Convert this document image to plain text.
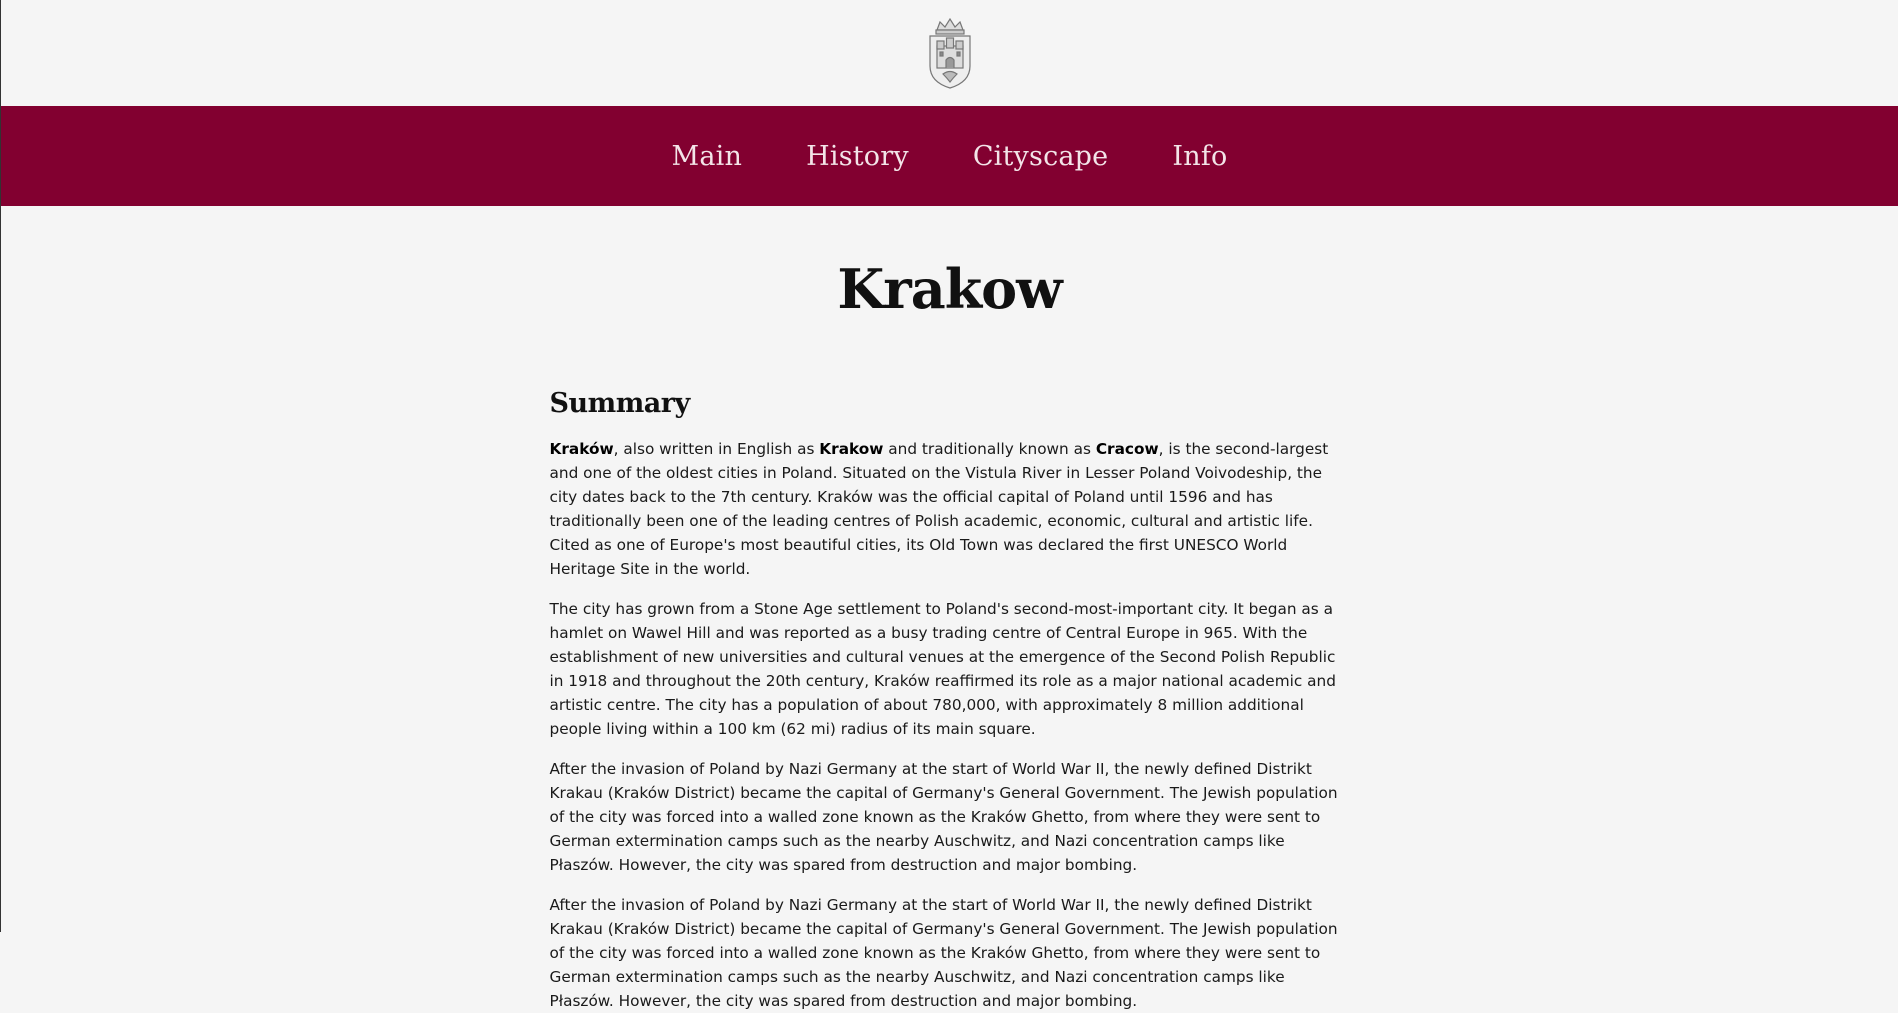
Main History Cityscape Info
Krakow
Summary

Kraków, also written in English as Krakow and traditionally known as Cracow, is the second-largest and one of the oldest cities in Poland. Situated on the Vistula River in Lesser Poland Voivodeship, the city dates back to the 7th century. Kraków was the official capital of Poland until 1596 and has traditionally been one of the leading centres of Polish academic, economic, cultural and artistic life. Cited as one of Europe's most beautiful cities, its Old Town was declared the first UNESCO World Heritage Site in the world.

The city has grown from a Stone Age settlement to Poland's second-most-important city. It began as a hamlet on Wawel Hill and was reported as a busy trading centre of Central Europe in 965. With the establishment of new universities and cultural venues at the emergence of the Second Polish Republic in 1918 and throughout the 20th century, Kraków reaffirmed its role as a major national academic and artistic centre. The city has a population of about 780,000, with approximately 8 million additional people living within a 100 km (62 mi) radius of its main square.

After the invasion of Poland by Nazi Germany at the start of World War II, the newly defined Distrikt Krakau (Kraków District) became the capital of Germany's General Government. The Jewish population of the city was forced into a walled zone known as the Kraków Ghetto, from where they were sent to German extermination camps such as the nearby Auschwitz, and Nazi concentration camps like Płaszów. However, the city was spared from destruction and major bombing.

After the invasion of Poland by Nazi Germany at the start of World War II, the newly defined Distrikt Krakau (Kraków District) became the capital of Germany's General Government. The Jewish population of the city was forced into a walled zone known as the Kraków Ghetto, from where they were sent to German extermination camps such as the nearby Auschwitz, and Nazi concentration camps like Płaszów. However, the city was spared from destruction and major bombing.
